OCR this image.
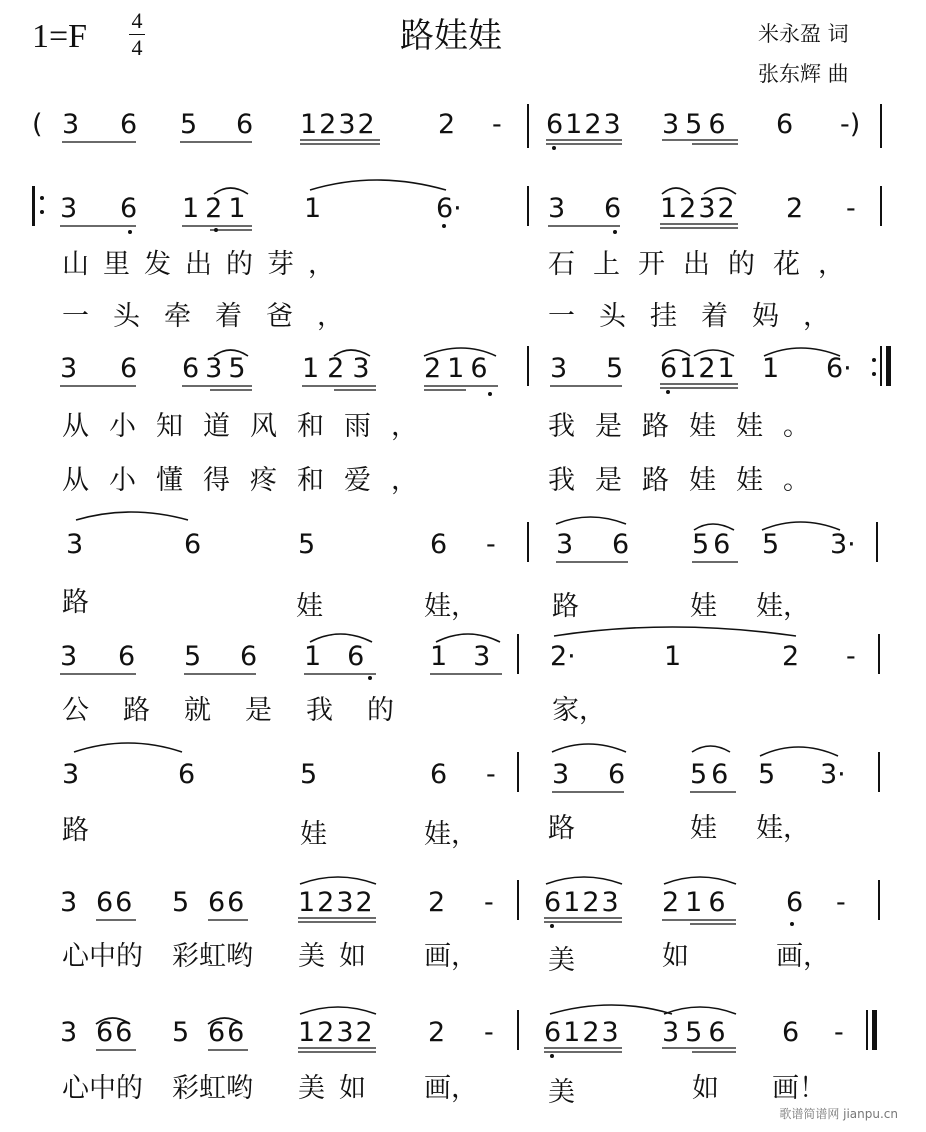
1=F 4
4	路娃娃	米永盈 词
张东辉 曲
( 3 6 5 6 1232 2 - 6123 356 6 -)
3 6 121 1	6·	3 6 1232 2 -
山里发出的芽，	石上开出的花，
一头牵着爸，	一头挂着妈，
3 6 635 123 216 3 5 6121 1 6·
从小知道风和雨，	我是路娃娃。
从小懂得疼和爱，	我是路娃娃。
3	6	5	6 - 3 6 56 5 3·
路	娃	娃，	路	娃 娃，
3 6 5 6 16 13 2·	1	2 -
公路就是我的	家，
3	6	5	6 - 3 6 56 5 3·
路	娃	娃，	路	娃 娃，
3 66 5 66 1232 2 - 6123 216 6 -
心中的 彩虹哟 美如 画，	美	如	画，
3 66 5 66 1232 2 - 6123 356 6 -
心中的 彩虹哟 美如 画，	美	如 画！
歌谱简谱网 jianpu.cn
